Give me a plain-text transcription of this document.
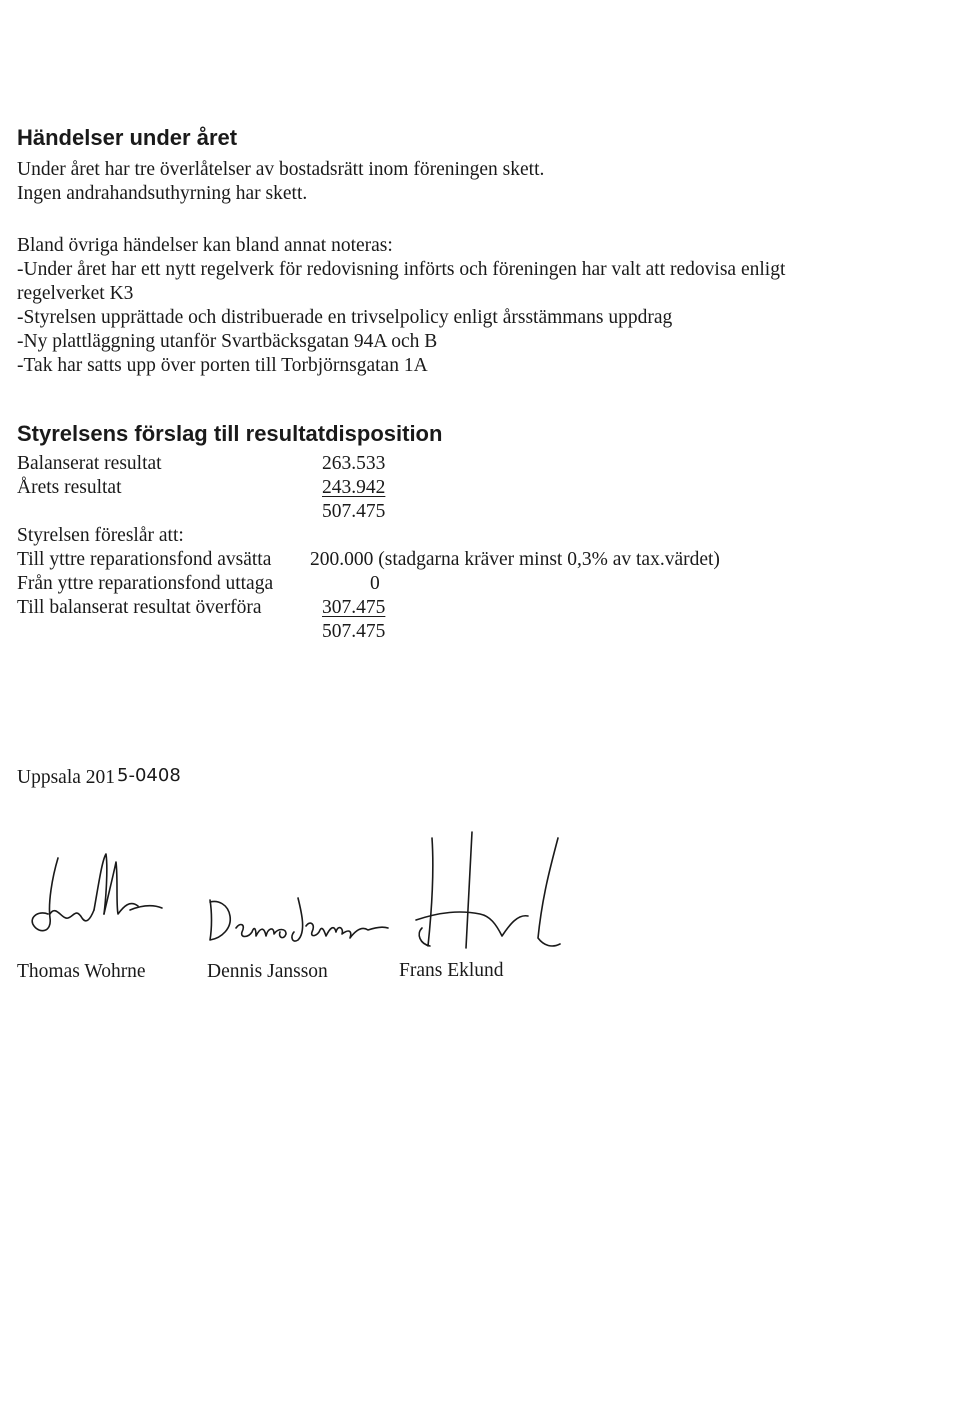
Händelser under året
Under året har tre överlåtelser av bostadsrätt inom föreningen skett.
Ingen andrahandsuthyrning har skett.
Bland övriga händelser kan bland annat noteras:
-Under året har ett nytt regelverk för redovisning införts och föreningen har valt att redovisa enligt
regelverket K3
-Styrelsen upprättade och distribuerade en trivselpolicy enligt årsstämmans uppdrag
-Ny plattläggning utanför Svartbäcksgatan 94A och B
-Tak har satts upp över porten till Torbjörnsgatan 1A
Styrelsens förslag till resultatdisposition
Balanserat resultat	263.533
Årets resultat	243.942
507.475
Styrelsen föreslår att:
Till yttre reparationsfond avsätta 200.000 (stadgarna kräver minst 0,3% av tax.värdet)
Från yttre reparationsfond uttaga	0
Till balanserat resultat överföra	307.475
507.475
Uppsala 201 5-0408
Thomas Wohrne	Dennis Jansson	Frans Eklund
